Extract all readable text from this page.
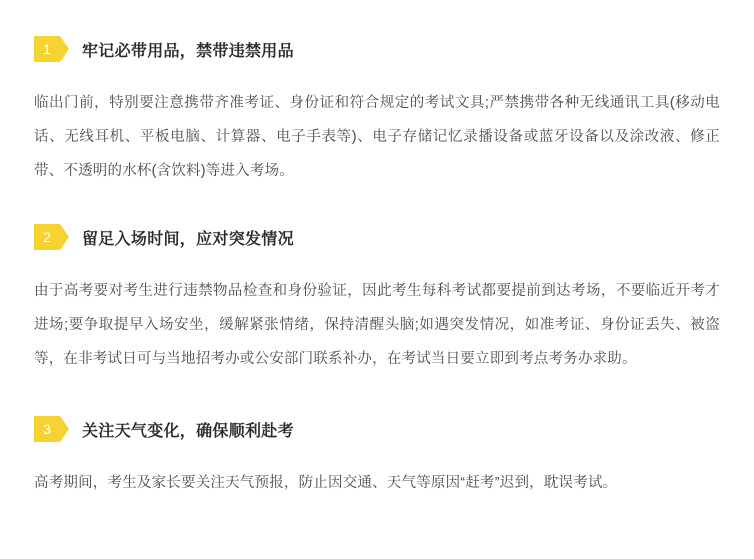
1	牢记必带用品，禁带违禁用品
临出门前，特别要注意携带齐准考证、身份证和符合规定的考试文具;严禁携带各种无线通讯工具(移动电话、无线耳机、平板电脑、计算器、电子手表等)、电子存储记忆录播设备或蓝牙设备以及涂改液、修正带、不透明的水杯(含饮料)等进入考场。
2	留足入场时间，应对突发情况
由于高考要对考生进行违禁物品检查和身份验证，因此考生每科考试都要提前到达考场，不要临近开考才进场;要争取提早入场安坐，缓解紧张情绪，保持清醒头脑;如遇突发情况，如准考证、身份证丢失、被盗等，在非考试日可与当地招考办或公安部门联系补办，在考试当日要立即到考点考务办求助。
3	关注天气变化，确保顺利赴考
高考期间，考生及家长要关注天气预报，防止因交通、天气等原因“赶考”迟到，耽误考试。
